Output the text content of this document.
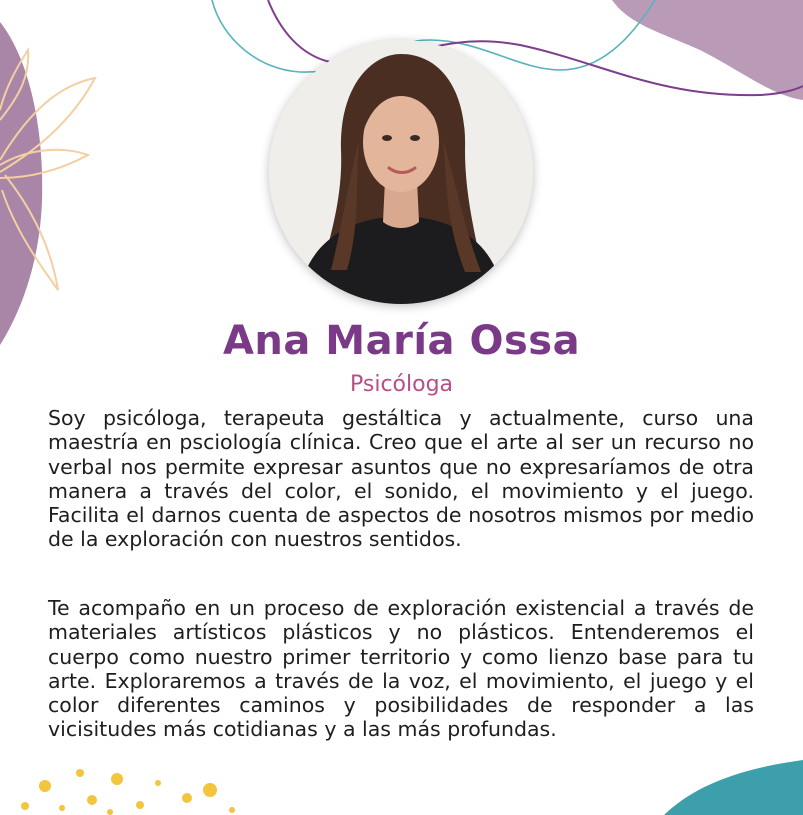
Ana María Ossa
Psicóloga

Soy psicóloga, terapeuta gestáltica y actualmente, curso una maestría en psciología clínica. Creo que el arte al ser un recurso no verbal nos permite expresar asuntos que no expresaríamos de otra manera a través del color, el sonido, el movimiento y el juego. Facilita el darnos cuenta de aspectos de nosotros mismos por medio de la exploración con nuestros sentidos.

Te acompaño en un proceso de exploración existencial a través de materiales artísticos plásticos y no plásticos. Entenderemos el cuerpo como nuestro primer territorio y como lienzo base para tu arte. Exploraremos a través de la voz, el movimiento, el juego y el color diferentes caminos y posibilidades de responder a las vicisitudes más cotidianas y a las más profundas.
